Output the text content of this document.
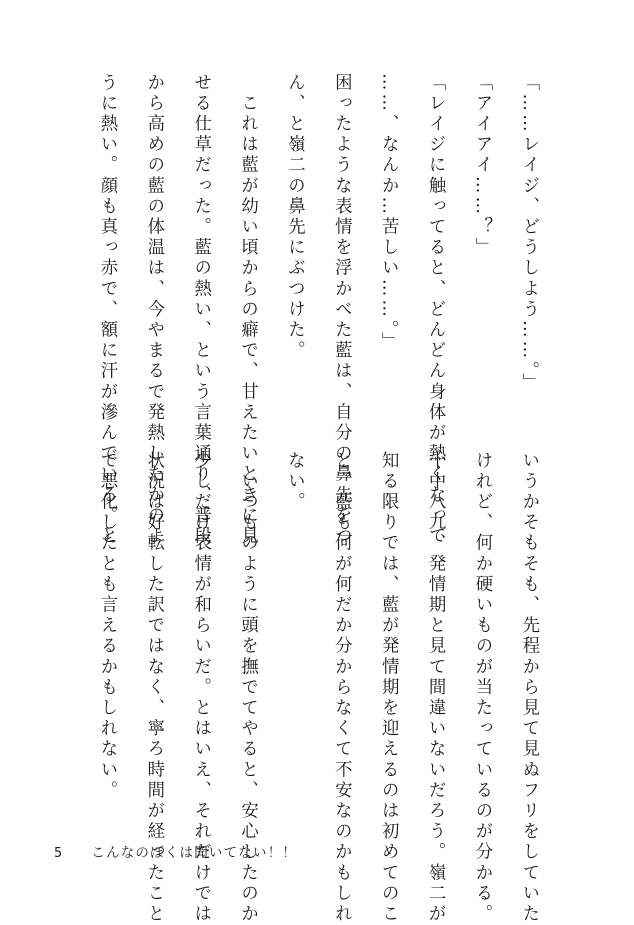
「……レイジ、どうしよう……。」
「アイアイ……？」
「レイジに触ってると、どんどん身体が熱くなって
……、なんか…苦しい……。」
困ったような表情を浮かべた藍は、自分の鼻先をつ
ん、と嶺二の鼻先にぶつけた。
　これは藍が幼い頃からの癖で、甘えたいときに見
せる仕草だった。藍の熱い、という言葉通り、普段
から高めの藍の体温は、今やまるで発熱したかのよ
うに熱い。顔も真っ赤で、額に汗が滲んでいる。と
いうかそもそも、先程から見て見ぬフリをしていた
けれど、何か硬いものが当たっているのが分かる。
十中八九、発情期と見て間違いないだろう。嶺二が
知る限りでは、藍が発情期を迎えるのは初めてのこ
と。藍も何が何だか分からなくて不安なのかもしれ
ない。
　いつものように頭を撫でてやると、安心したのか
少しだけ表情が和らいだ。とはいえ、それだけでは
状況は好転した訳ではなく、寧ろ時間が経ったこと
で悪化したとも言えるかもしれない。
5 こんなのぼくは聞いてない！！
